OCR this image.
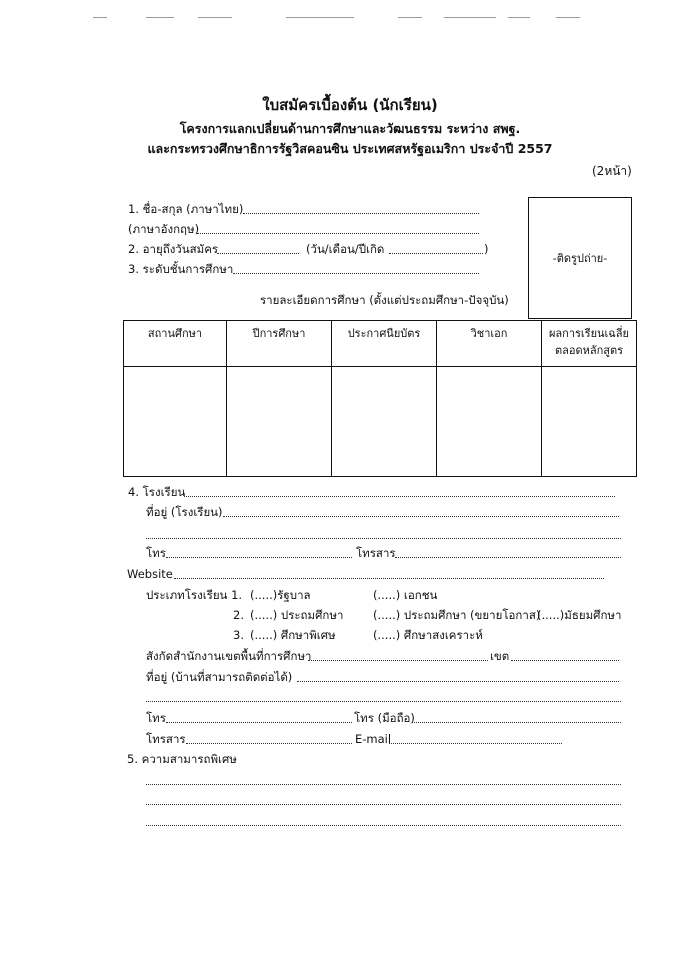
ใบสมัครเบื้องต้น (นักเรียน)
โครงการแลกเปลี่ยนด้านการศึกษาและวัฒนธรรม ระหว่าง สพฐ.
และกระทรวงศึกษาธิการรัฐวิสคอนซิน ประเทศสหรัฐอเมริกา ประจำปี 2557
(2หน้า)
-ติดรูปถ่าย-
1. ชื่อ-สกุล (ภาษาไทย)
(ภาษาอังกฤษ)
2. อายุถึงวันสมัคร	(วัน/เดือน/ปีเกิด	)
3. ระดับชั้นการศึกษา
รายละเอียดการศึกษา (ตั้งแต่ประถมศึกษา-ปัจจุบัน)
สถานศึกษา	ปีการศึกษา	ประกาศนียบัตร	วิชาเอก	ผลการเรียนเฉลี่ย
ตลอดหลักสูตร

4. โรงเรียน
ที่อยู่ (โรงเรียน)
โทร	โทรสาร
Website
ประเภทโรงเรียน 1. (.....)รัฐบาล	(.....) เอกชน
2. (.....) ประถมศึกษา	(.....) ประถมศึกษา (ขยายโอกาส)
(.....)มัธยมศึกษา
3. (.....) ศึกษาพิเศษ	(.....) ศึกษาสงเคราะห์
สังกัดสำนักงานเขตพื้นที่การศึกษา	เขต
ที่อยู่ (บ้านที่สามารถติดต่อได้)
โทร	โทร (มือถือ)
โทรสาร	E-mail
5. ความสามารถพิเศษ
